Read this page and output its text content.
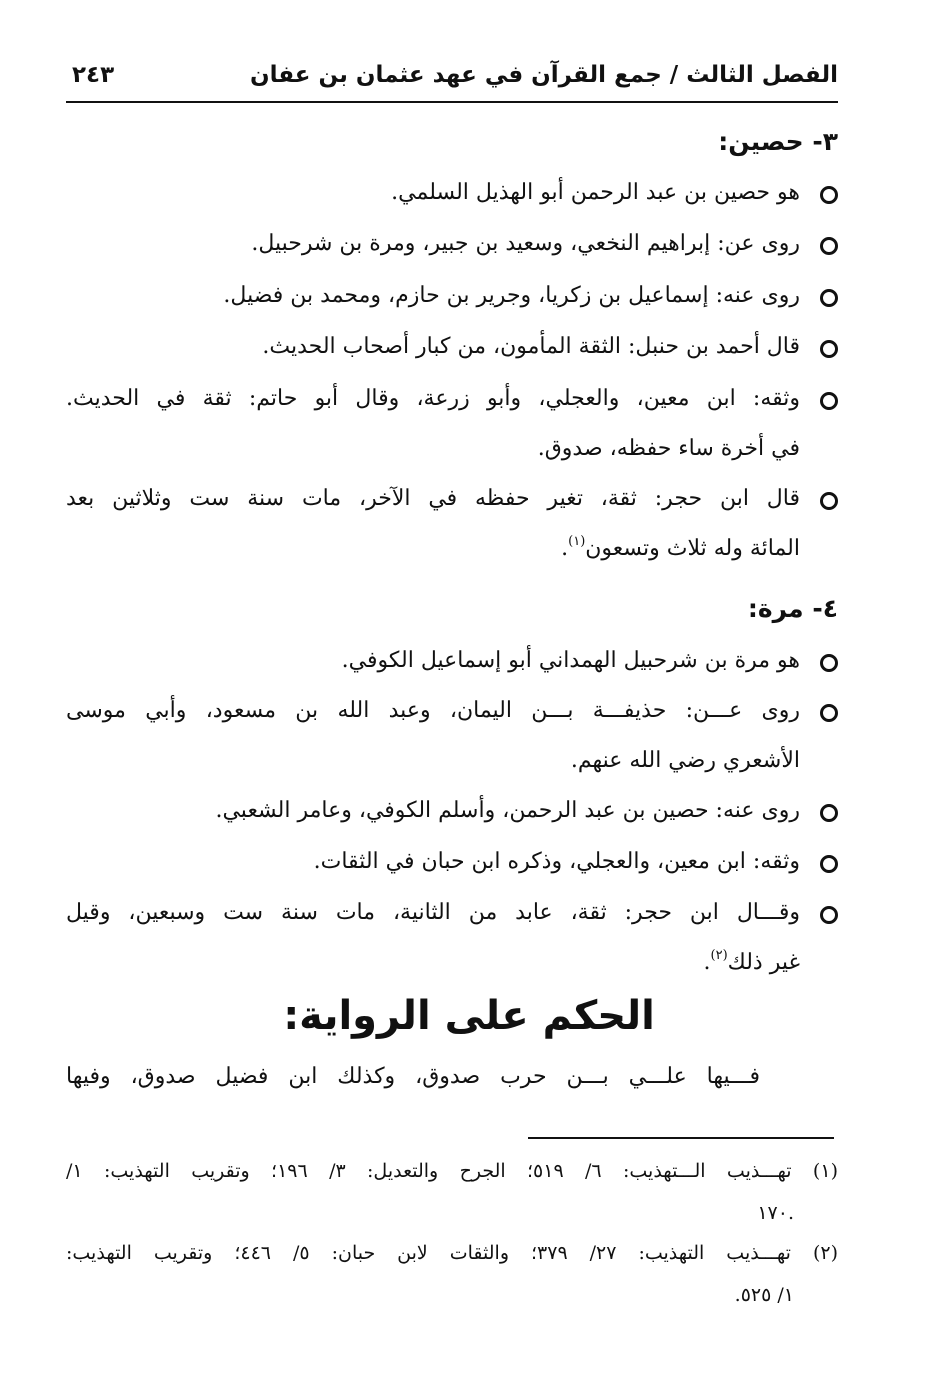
الفصل الثالث / جمع القرآن في عهد عثمان بن عفان
٢٤٣
٣- حصين:
هو حصين بن عبد الرحمن أبو الهذيل السلمي.
روى عن: إبراهيم النخعي، وسعيد بن جبير، ومرة بن شرحبيل.
روى عنه: إسماعيل بن زكريا، وجرير بن حازم، ومحمد بن فضيل.
قال أحمد بن حنبل: الثقة المأمون، من كبار أصحاب الحديث.
وثقه: ابن معين، والعجلي، وأبو زرعة، وقال أبو حاتم: ثقة في الحديث.
في أخرة ساء حفظه، صدوق.
قال ابن حجر: ثقة، تغير حفظه في الآخر، مات سنة ست وثلاثين بعد
المائة وله ثلاث وتسعون$^{(١)}$.
٤- مرة:
هو مرة بن شرحبيل الهمداني أبو إسماعيل الكوفي.
روى عـــن: حذيفـــة بـــن اليمان، وعبد الله بن مسعود، وأبي موسى
الأشعري رضي الله عنهم.
روى عنه: حصين بن عبد الرحمن، وأسلم الكوفي، وعامر الشعبي.
وثقه: ابن معين، والعجلي، وذكره ابن حبان في الثقات.
وقـــال ابن حجر: ثقة، عابد من الثانية، مات سنة ست وسبعين، وقيل
غير ذلك$^{(٢)}$.
الحكم على الرواية:
فـــيها علـــي بـــن حرب صدوق، وكذلك ابن فضيل صدوق، وفيها
(١) تهـــذيب الـــتهذيب: ٦/ ٥١٩؛ الجرح والتعديل: ٣/ ١٩٦؛ وتقريب التهذيب: ١/
.١٧٠
(٢) تهـــذيب التهذيب: ٢٧/ ٣٧٩؛ والثقات لابن حبان: ٥/ ٤٤٦؛ وتقريب التهذيب:
١/ ٥٢٥.
